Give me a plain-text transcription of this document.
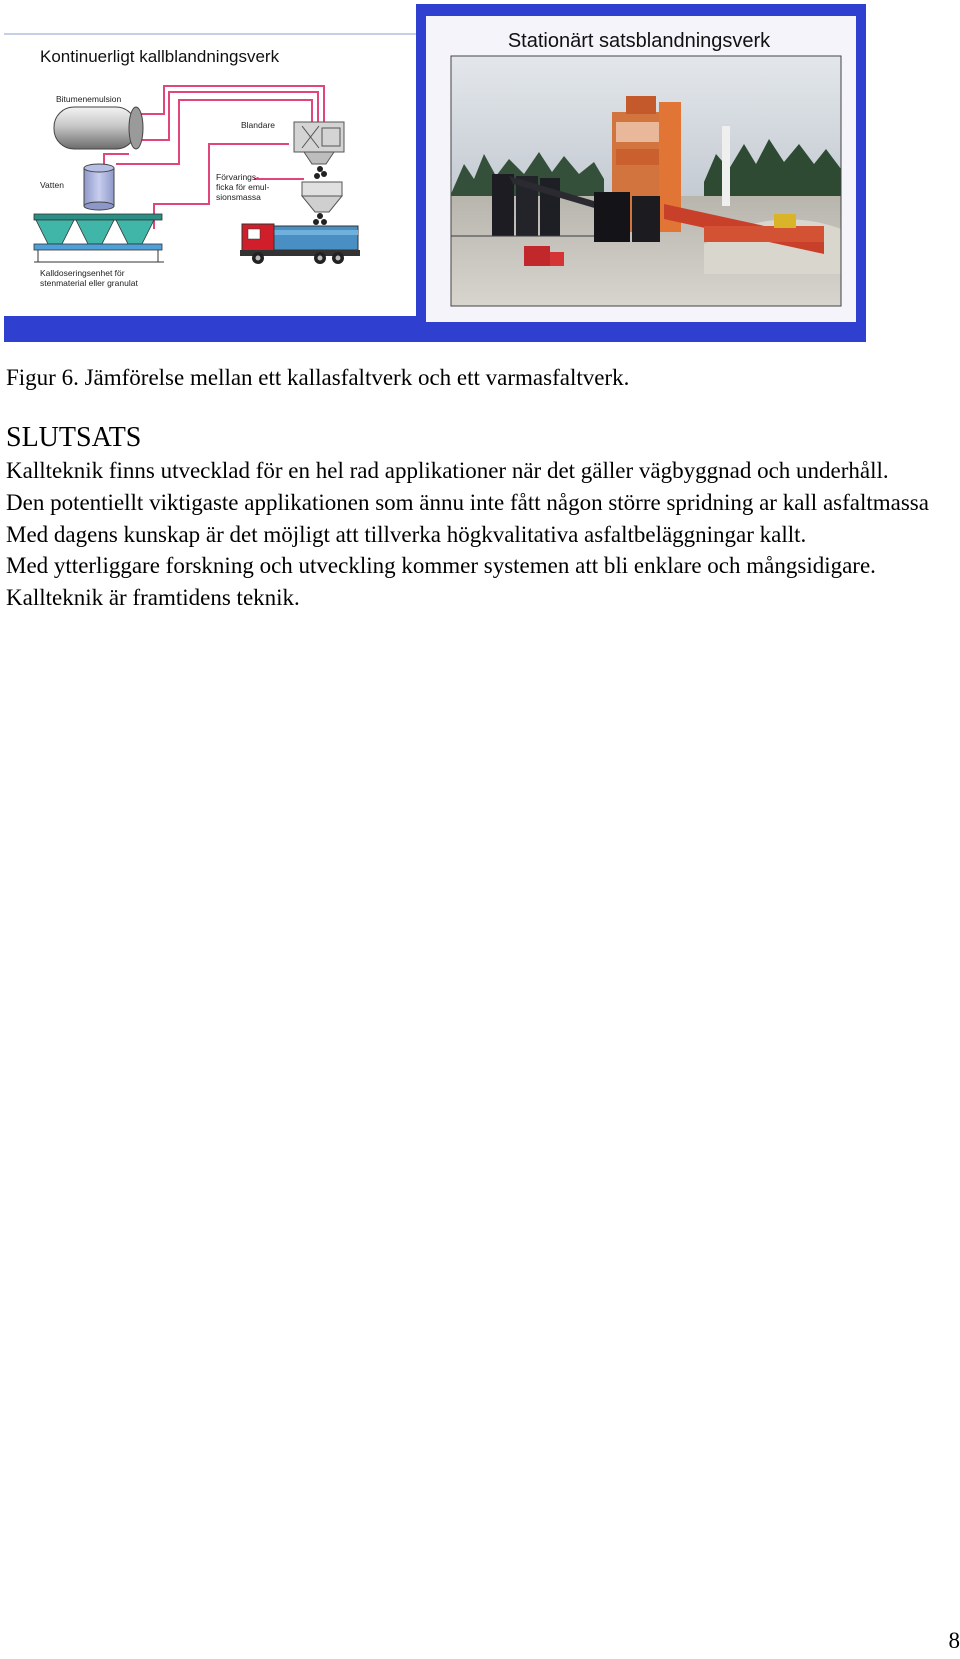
Stationärt satsblandningsverk
Kontinuerligt kallblandningsverk
Bitumenemulsion
Vatten
Blandare
Förvarings-
ficka för emul-
sionsmassa
Kalldoseringsenhet för
stenmaterial eller granulat
Figur 6. Jämförelse mellan ett kallasfaltverk och ett varmasfaltverk.
SLUTSATS
Kallteknik finns utvecklad för en hel rad applikationer när det gäller vägbyggnad och underhåll.
Den potentiellt viktigaste applikationen som ännu inte fått någon större spridning ar kall asfaltmassa
Med dagens kunskap är det möjligt att tillverka högkvalitativa asfaltbeläggningar kallt.
Med ytterliggare forskning och utveckling kommer systemen att bli enklare och mångsidigare.
Kallteknik är framtidens teknik.
8
